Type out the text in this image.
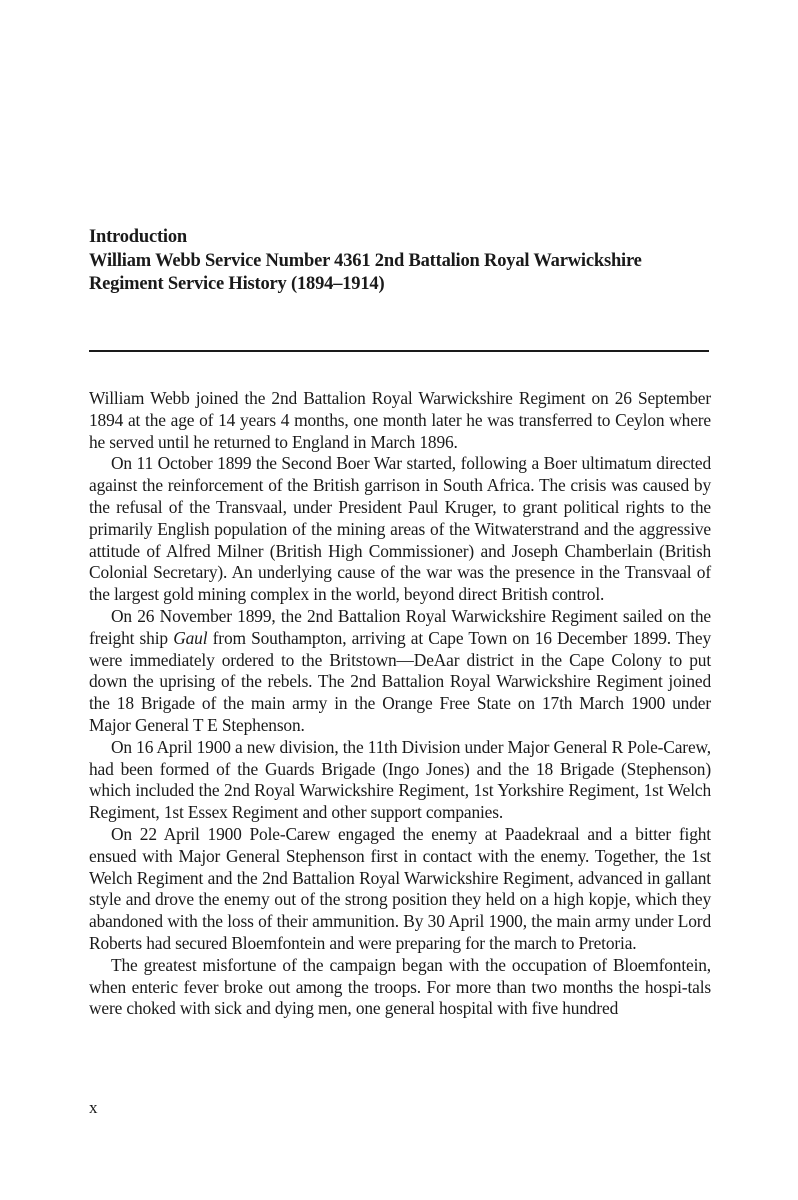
Introduction
William Webb Service Number 4361 2nd Battalion Royal Warwickshire
Regiment Service History (1894–1914)

William Webb joined the 2nd Battalion Royal Warwickshire Regiment on 26 September 1894 at the age of 14 years 4 months, one month later he was transferred to Ceylon where he served until he returned to England in March 1896.

On 11 October 1899 the Second Boer War started, following a Boer ultimatum directed against the reinforcement of the British garrison in South Africa. The crisis was caused by the refusal of the Transvaal, under President Paul Kruger, to grant political rights to the primarily English population of the mining areas of the Witwaterstrand and the aggressive attitude of Alfred Milner (British High Commissioner) and Joseph Chamberlain (British Colonial Secretary). An underlying cause of the war was the presence in the Transvaal of the largest gold mining complex in the world, beyond direct British control.

On 26 November 1899, the 2nd Battalion Royal Warwickshire Regiment sailed on the freight ship Gaul from Southampton, arriving at Cape Town on 16 December 1899. They were immediately ordered to the Britstown—DeAar district in the Cape Colony to put down the uprising of the rebels. The 2nd Battalion Royal Warwickshire Regiment joined the 18 Brigade of the main army in the Orange Free State on 17th March 1900 under Major General T E Stephenson.

On 16 April 1900 a new division, the 11th Division under Major General R Pole-Carew, had been formed of the Guards Brigade (Ingo Jones) and the 18 Brigade (Stephenson) which included the 2nd Royal Warwickshire Regiment, 1st Yorkshire Regiment, 1st Welch Regiment, 1st Essex Regiment and other support companies.

On 22 April 1900 Pole-Carew engaged the enemy at Paadekraal and a bitter fight ensued with Major General Stephenson first in contact with the enemy. Together, the 1st Welch Regiment and the 2nd Battalion Royal Warwickshire Regiment, advanced in gallant style and drove the enemy out of the strong position they held on a high kopje, which they abandoned with the loss of their ammunition. By 30 April 1900, the main army under Lord Roberts had secured Bloemfontein and were preparing for the march to Pretoria.

The greatest misfortune of the campaign began with the occupation of Bloemfontein, when enteric fever broke out among the troops. For more than two months the hospi-tals were choked with sick and dying men, one general hospital with five hundred

x
